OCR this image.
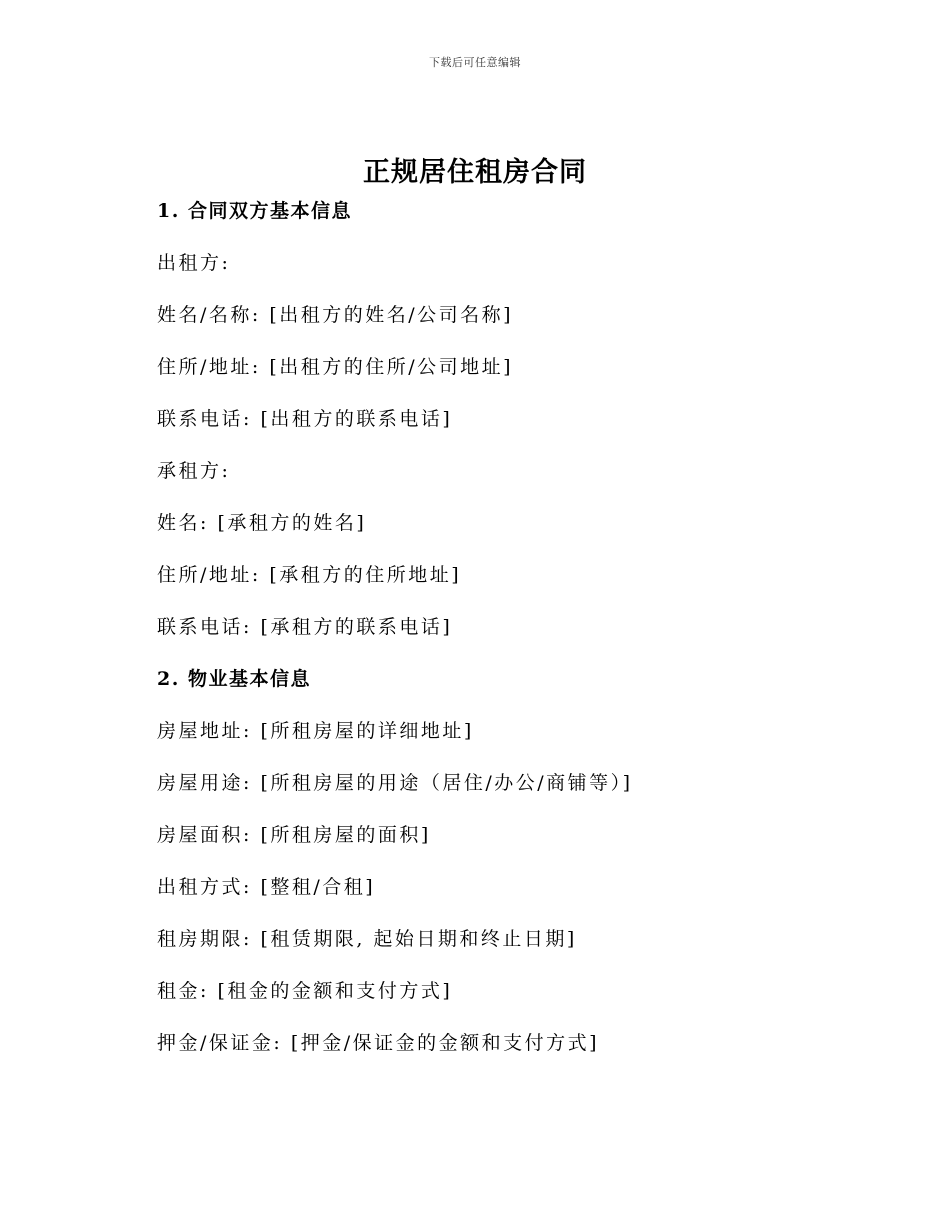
下载后可任意编辑
正规居住租房合同
1. 合同双方基本信息
出租方:
姓名/名称: [出租方的姓名/公司名称]
住所/地址: [出租方的住所/公司地址]
联系电话: [出租方的联系电话]
承租方:
姓名: [承租方的姓名]
住所/地址: [承租方的住所地址]
联系电话: [承租方的联系电话]
2. 物业基本信息
房屋地址: [所租房屋的详细地址]
房屋用途: [所租房屋的用途（居住/办公/商铺等）]
房屋面积: [所租房屋的面积]
出租方式: [整租/合租]
租房期限: [租赁期限, 起始日期和终止日期]
租金: [租金的金额和支付方式]
押金/保证金: [押金/保证金的金额和支付方式]
